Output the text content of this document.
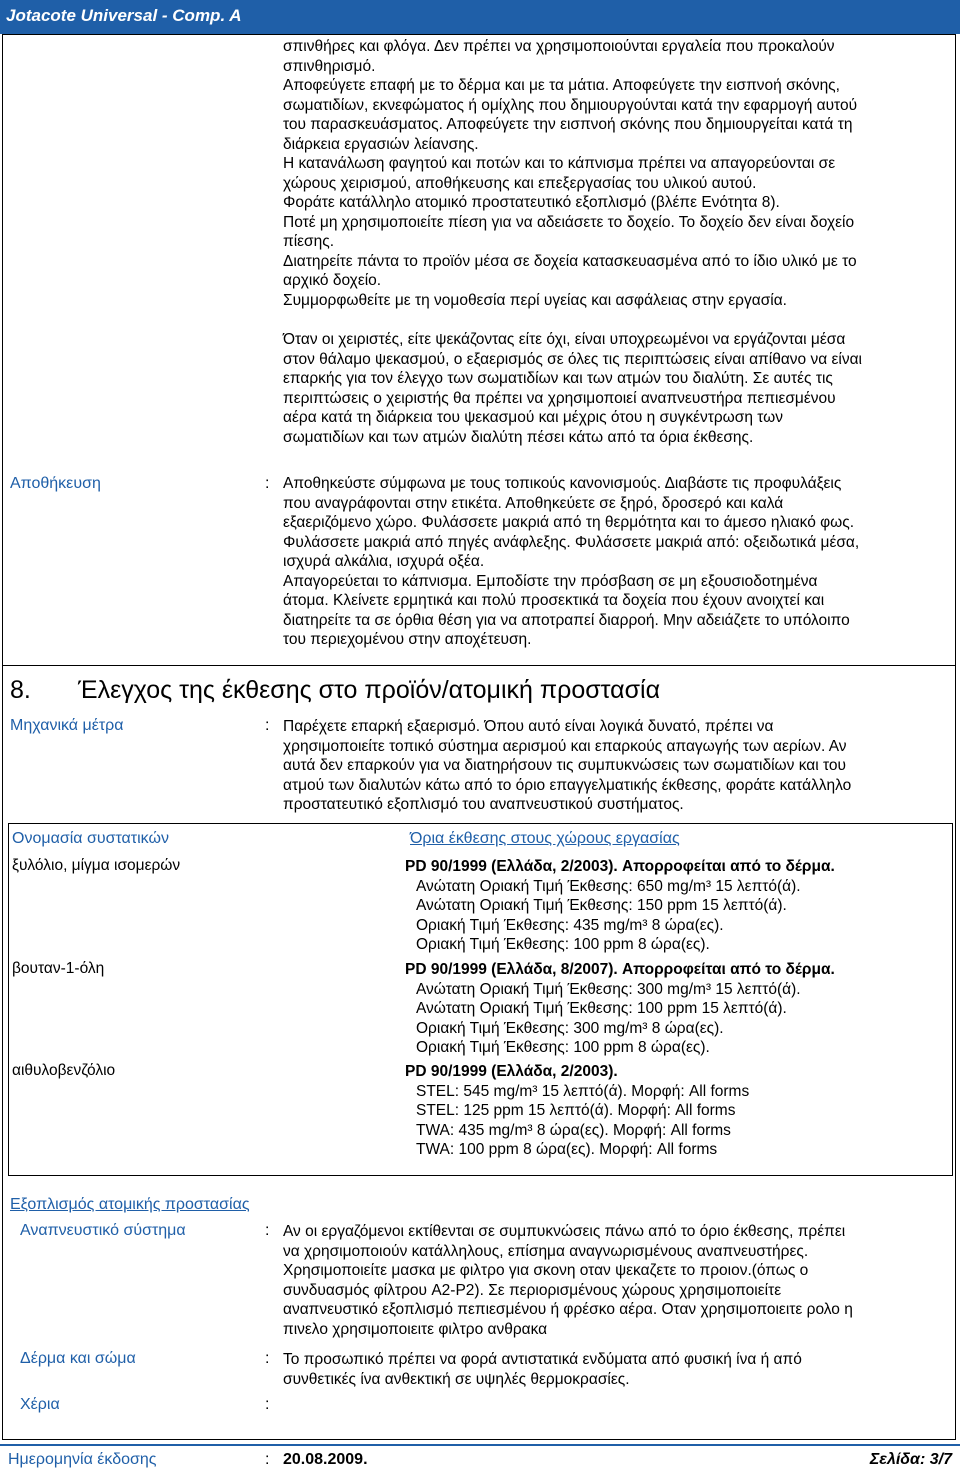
Jotacote Universal - Comp. A
σπινθήρες και φλόγα. Δεν πρέπει να χρησιμοποιούνται εργαλεία που προκαλούν
σπινθηρισμό.
Αποφεύγετε επαφή με το δέρμα και με τα μάτια. Αποφεύγετε την εισπνοή σκόνης,
σωματιδίων, εκνεφώματος ή ομίχλης που δημιουργούνται κατά την εφαρμογή αυτού
του παρασκευάσματος. Αποφεύγετε την εισπνοή σκόνης που δημιουργείται κατά τη
διάρκεια εργασιών λείανσης.
Η κατανάλωση φαγητού και ποτών και το κάπνισμα πρέπει να απαγορεύονται σε
χώρους χειρισμού, αποθήκευσης και επεξεργασίας του υλικού αυτού.
Φοράτε κατάλληλο ατομικό προστατευτικό εξοπλισμό (βλέπε Ενότητα 8).
Ποτέ μη χρησιμοποιείτε πίεση για να αδειάσετε το δοχείο. Το δοχείο δεν είναι δοχείο
πίεσης.
Διατηρείτε πάντα το προϊόν μέσα σε δοχεία κατασκευασμένα από το ίδιο υλικό με το
αρχικό δοχείο.
Συμμορφωθείτε με τη νομοθεσία περί υγείας και ασφάλειας στην εργασία.
Όταν οι χειριστές, είτε ψεκάζοντας είτε όχι, είναι υποχρεωμένοι να εργάζονται μέσα
στον θάλαμο ψεκασμού, ο εξαερισμός σε όλες τις περιπτώσεις είναι απίθανο να είναι
επαρκής για τον έλεγχο των σωματιδίων και των ατμών του διαλύτη. Σε αυτές τις
περιπτώσεις ο χειριστής θα πρέπει να χρησιμοποιεί αναπνευστήρα πεπιεσμένου
αέρα κατά τη διάρκεια του ψεκασμού και μέχρις ότου η συγκέντρωση των
σωματιδίων και των ατμών διαλύτη πέσει κάτω από τα όρια έκθεσης.
Αποθήκευση	: Αποθηκεύστε σύμφωνα με τους τοπικούς κανονισμούς. Διαβάστε τις προφυλάξεις
που αναγράφονται στην ετικέτα. Αποθηκεύετε σε ξηρό, δροσερό και καλά
εξαεριζόμενο χώρο. Φυλάσσετε μακριά από τη θερμότητα και το άμεσο ηλιακό φως.
Φυλάσσετε μακριά από πηγές ανάφλεξης. Φυλάσσετε μακριά από: οξειδωτικά μέσα,
ισχυρά αλκάλια, ισχυρά οξέα.
Απαγορεύεται το κάπνισμα. Εμποδίστε την πρόσβαση σε μη εξουσιοδοτημένα
άτομα. Κλείνετε ερμητικά και πολύ προσεκτικά τα δοχεία που έχουν ανοιχτεί και
διατηρείτε τα σε όρθια θέση για να αποτραπεί διαρροή. Μην αδειάζετε το υπόλοιπο
του περιεχομένου στην αποχέτευση.
8. Έλεγχος της έκθεσης στο προϊόν/ατομική προστασία
Μηχανικά μέτρα	: Παρέχετε επαρκή εξαερισμό. Όπου αυτό είναι λογικά δυνατό, πρέπει να
χρησιμοποιείτε τοπικό σύστημα αερισμού και επαρκούς απαγωγής των αερίων. Αν
αυτά δεν επαρκούν για να διατηρήσουν τις συμπυκνώσεις των σωματιδίων και του
ατμού των διαλυτών κάτω από το όριο επαγγελματικής έκθεσης, φοράτε κατάλληλο
προστατευτικό εξοπλισμό του αναπνευστικού συστήματος.
Ονομασία συστατικών	Όρια έκθεσης στους χώρους εργασίας
ξυλόλιο, μίγμα ισομερών	PD 90/1999 (Ελλάδα, 2/2003). Απορροφείται από το δέρμα.
Ανώτατη Οριακή Τιμή Έκθεσης: 650 mg/m³ 15 λεπτό(ά).
Ανώτατη Οριακή Τιμή Έκθεσης: 150 ppm 15 λεπτό(ά).
Οριακή Τιμή Έκθεσης: 435 mg/m³ 8 ώρα(ες).
Οριακή Τιμή Έκθεσης: 100 ppm 8 ώρα(ες).
βουταν-1-όλη	PD 90/1999 (Ελλάδα, 8/2007). Απορροφείται από το δέρμα.
Ανώτατη Οριακή Τιμή Έκθεσης: 300 mg/m³ 15 λεπτό(ά).
Ανώτατη Οριακή Τιμή Έκθεσης: 100 ppm 15 λεπτό(ά).
Οριακή Τιμή Έκθεσης: 300 mg/m³ 8 ώρα(ες).
Οριακή Τιμή Έκθεσης: 100 ppm 8 ώρα(ες).
αιθυλοβενζόλιο	PD 90/1999 (Ελλάδα, 2/2003).
STEL: 545 mg/m³ 15 λεπτό(ά). Μορφή: All forms
STEL: 125 ppm 15 λεπτό(ά). Μορφή: All forms
TWA: 435 mg/m³ 8 ώρα(ες). Μορφή: All forms
TWA: 100 ppm 8 ώρα(ες). Μορφή: All forms
Εξοπλισμός ατομικής προστασίας
Αναπνευστικό σύστημα	: Αν οι εργαζόμενοι εκτίθενται σε συμπυκνώσεις πάνω από το όριο έκθεσης, πρέπει
να χρησιμοποιούν κατάλληλους, επίσημα αναγνωρισμένους αναπνευστήρες.
Χρησιμοποιείτε μασκα με φιλτρο για σκονη οταν ψεκαζετε το προιον.(όπως ο
συνδυασμός φίλτρου A2-P2). Σε περιορισμένους χώρους χρησιμοποιείτε
αναπνευστικό εξοπλισμό πεπιεσμένου ή φρέσκο αέρα. Οταν χρησιμοποιειτε ρολο η
πινελο χρησιμοποιειτε φιλτρο ανθρακα
Δέρμα και σώμα	: Το προσωπικό πρέπει να φορά αντιστατικά ενδύματα από φυσική ίνα ή από
συνθετικές ίνα ανθεκτική σε υψηλές θερμοκρασίες.
Χέρια	:
Ημερομηνία έκδοσης	: 20.08.2009.	Σελίδα: 3/7
